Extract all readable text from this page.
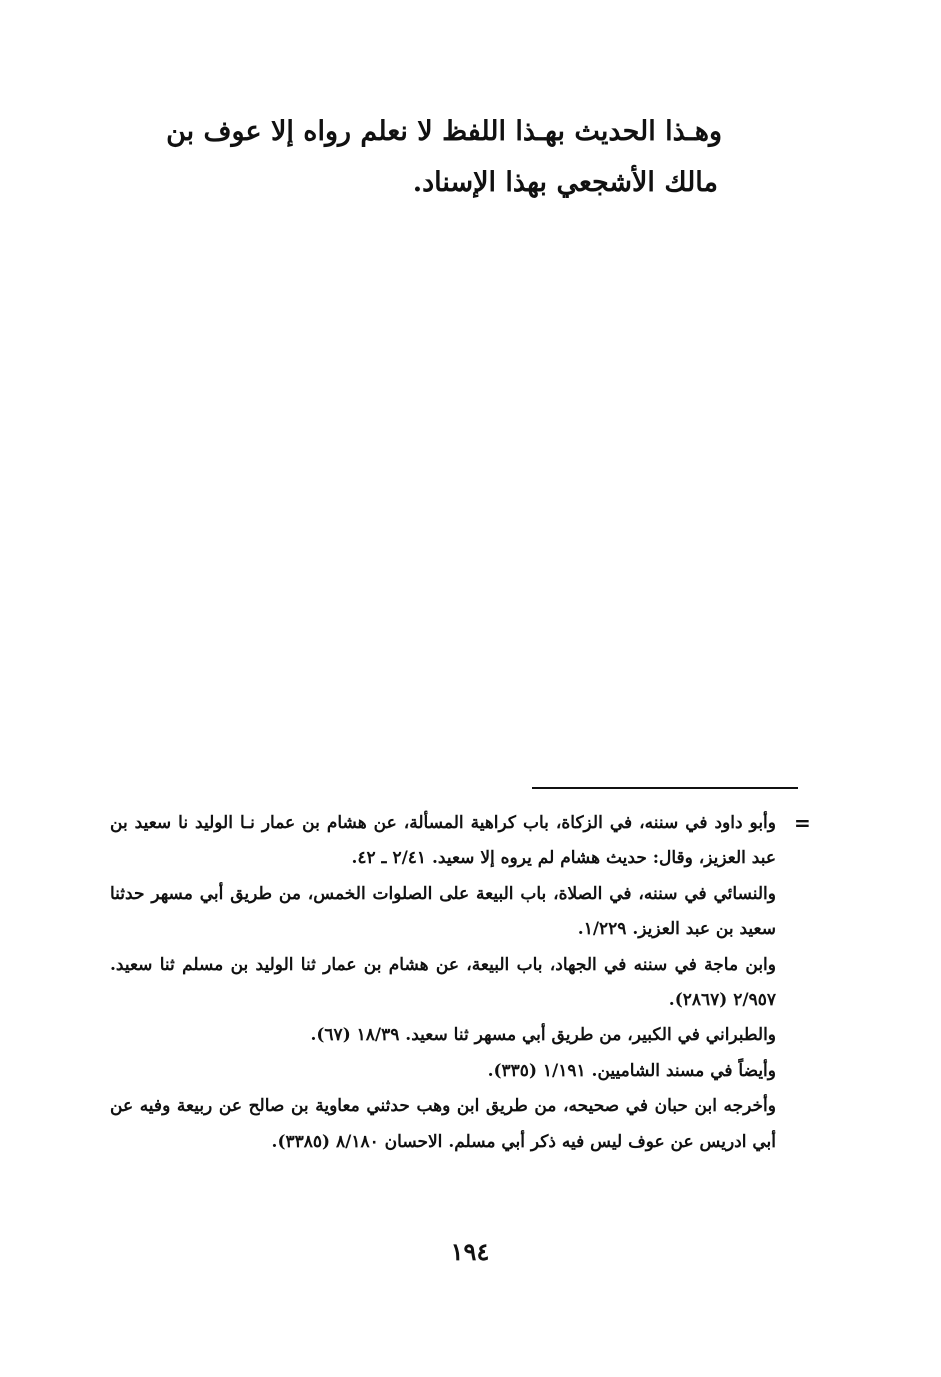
وهـذا الحديث بهـذا اللفظ لا نعلم رواه إلا عوف بن

مالك الأشجعي بهذا الإسناد.

=

وأبو داود في سننه، في الزكاة، باب كراهية المسألة، عن هشام بن عمار نـا الوليد نا سعيد بن عبد العزيز، وقال: حديث هشام لم يروه إلا سعيد. ٢/٤١ ـ ٤٢.

والنسائي في سننه، في الصلاة، باب البيعة على الصلوات الخمس، من طريق أبي مسهر حدثنا سعيد بن عبد العزيز. ١/٢٢٩.

وابن ماجة في سننه في الجهاد، باب البيعة، عن هشام بن عمار ثنا الوليد بن مسلم ثنا سعيد. ٢/٩٥٧ (٢٨٦٧).

والطبراني في الكبير، من طريق أبي مسهر ثنا سعيد. ١٨/٣٩ (٦٧).

وأيضاً في مسند الشاميين. ١/١٩١ (٣٣٥).

وأخرجه ابن حبان في صحيحه، من طريق ابن وهب حدثني معاوية بن صالح عن ربيعة وفيه عن أبي ادريس عن عوف ليس فيه ذكر أبي مسلم. الاحسان ٨/١٨٠ (٣٣٨٥).

١٩٤
